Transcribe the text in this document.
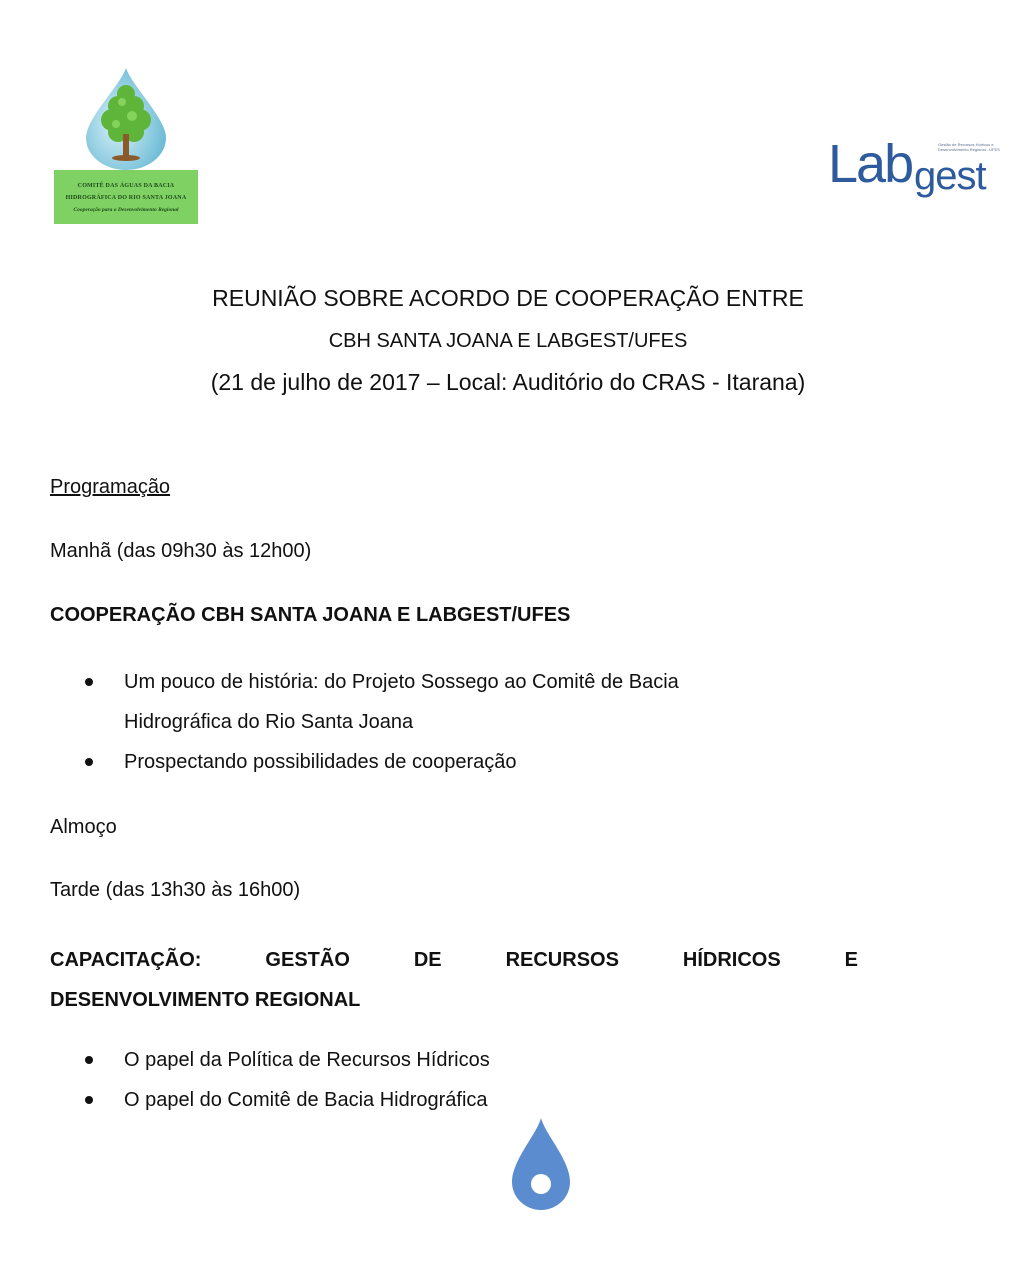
COMITÊ DAS ÁGUAS DA BACIA
HIDROGRÁFICA DO RIO SANTA JOANA
Cooperação para o Desenvolvimento Regional
Lab gest
Gestão de Recursos Hídricos e Desenvolvimento Regional - UFES
REUNIÃO SOBRE ACORDO DE COOPERAÇÃO ENTRE
CBH SANTA JOANA E LABGEST/UFES
(21 de julho de 2017 – Local: Auditório do CRAS - Itarana)
Programação
Manhã (das 09h30 às 12h00)
COOPERAÇÃO CBH SANTA JOANA E LABGEST/UFES
Um pouco de história: do Projeto Sossego ao Comitê de Bacia
Hidrográfica do Rio Santa Joana
Prospectando possibilidades de cooperação
Almoço
Tarde (das 13h30 às 16h00)
CAPACITAÇÃO:	GESTÃO	DE	RECURSOS	HÍDRICOS	E
DESENVOLVIMENTO REGIONAL
O papel da Política de Recursos Hídricos
O papel do Comitê de Bacia Hidrográfica
